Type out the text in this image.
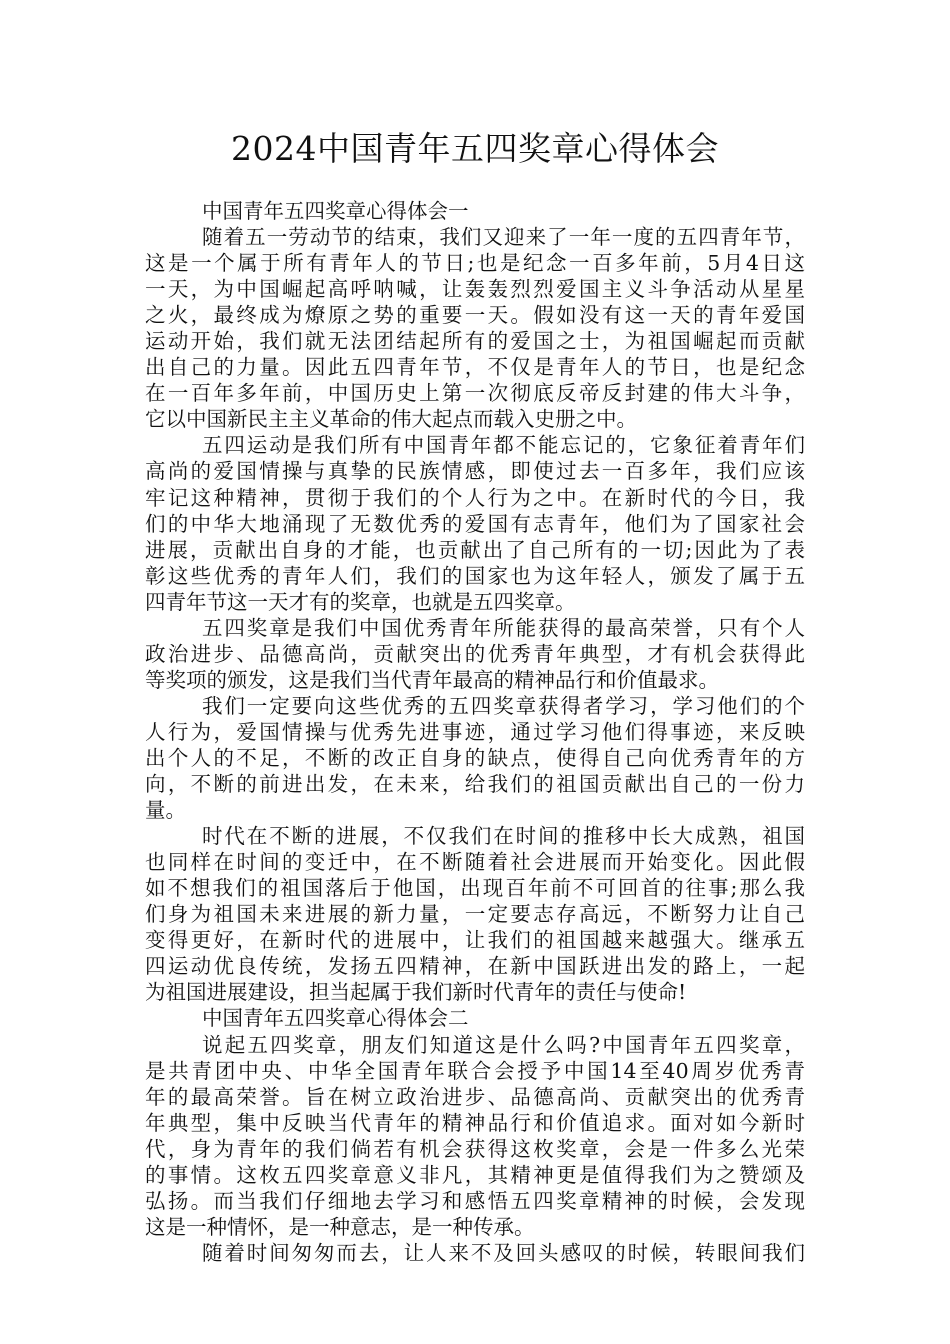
2024中国青年五四奖章心得体会
中国青年五四奖章心得体会一
随着五一劳动节的结束，我们又迎来了一年一度的五四青年节，
这是一个属于所有青年人的节日;也是纪念一百多年前，5月4日这
一天，为中国崛起高呼呐喊，让轰轰烈烈爱国主义斗争活动从星星
之火，最终成为燎原之势的重要一天。假如没有这一天的青年爱国
运动开始，我们就无法团结起所有的爱国之士，为祖国崛起而贡献
出自己的力量。因此五四青年节，不仅是青年人的节日，也是纪念
在一百年多年前，中国历史上第一次彻底反帝反封建的伟大斗争，
它以中国新民主主义革命的伟大起点而载入史册之中。
五四运动是我们所有中国青年都不能忘记的，它象征着青年们
高尚的爱国情操与真挚的民族情感，即使过去一百多年，我们应该
牢记这种精神，贯彻于我们的个人行为之中。在新时代的今日，我
们的中华大地涌现了无数优秀的爱国有志青年，他们为了国家社会
进展，贡献出自身的才能，也贡献出了自己所有的一切;因此为了表
彰这些优秀的青年人们，我们的国家也为这年轻人，颁发了属于五
四青年节这一天才有的奖章，也就是五四奖章。
五四奖章是我们中国优秀青年所能获得的最高荣誉，只有个人
政治进步、品德高尚，贡献突出的优秀青年典型，才有机会获得此
等奖项的颁发，这是我们当代青年最高的精神品行和价值最求。
我们一定要向这些优秀的五四奖章获得者学习，学习他们的个
人行为，爱国情操与优秀先进事迹，通过学习他们得事迹，来反映
出个人的不足，不断的改正自身的缺点，使得自己向优秀青年的方
向，不断的前进出发，在未来，给我们的祖国贡献出自己的一份力
量。
时代在不断的进展，不仅我们在时间的推移中长大成熟，祖国
也同样在时间的变迁中，在不断随着社会进展而开始变化。因此假
如不想我们的祖国落后于他国，出现百年前不可回首的往事;那么我
们身为祖国未来进展的新力量，一定要志存高远，不断努力让自己
变得更好，在新时代的进展中，让我们的祖国越来越强大。继承五
四运动优良传统，发扬五四精神，在新中国跃进出发的路上，一起
为祖国进展建设，担当起属于我们新时代青年的责任与使命!
中国青年五四奖章心得体会二
说起五四奖章，朋友们知道这是什么吗?中国青年五四奖章，
是共青团中央、中华全国青年联合会授予中国14至40周岁优秀青
年的最高荣誉。旨在树立政治进步、品德高尚、贡献突出的优秀青
年典型，集中反映当代青年的精神品行和价值追求。面对如今新时
代，身为青年的我们倘若有机会获得这枚奖章，会是一件多么光荣
的事情。这枚五四奖章意义非凡，其精神更是值得我们为之赞颂及
弘扬。而当我们仔细地去学习和感悟五四奖章精神的时候，会发现
这是一种情怀，是一种意志，是一种传承。
随着时间匆匆而去，让人来不及回头感叹的时候，转眼间我们
